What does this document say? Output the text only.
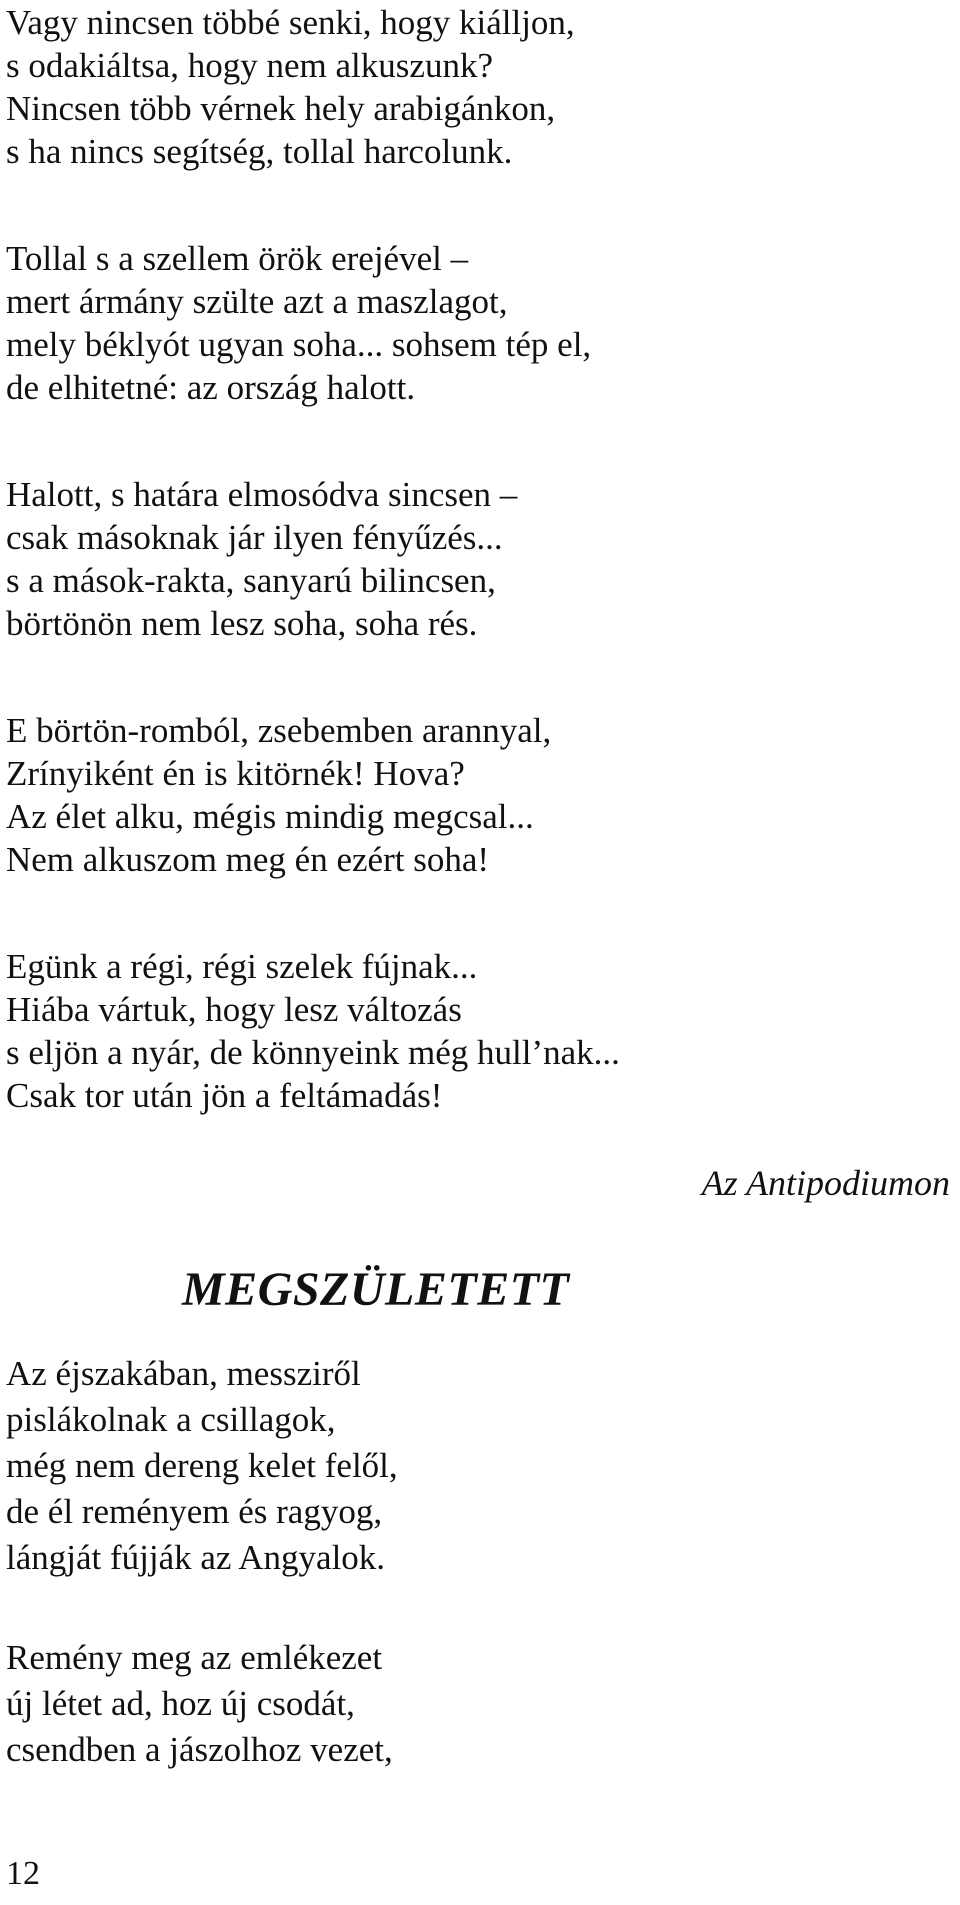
Vagy nincsen többé senki, hogy kiálljon,
s odakiáltsa, hogy nem alkuszunk?
Nincsen több vérnek hely arabigánkon,
s ha nincs segítség, tollal harcolunk.
Tollal s a szellem örök erejével –
mert ármány szülte azt a maszlagot,
mely béklyót ugyan soha... sohsem tép el,
de elhitetné: az ország halott.
Halott, s határa elmosódva sincsen –
csak másoknak jár ilyen fényűzés...
s a mások-rakta, sanyarú bilincsen,
börtönön nem lesz soha, soha rés.
E börtön-romból, zsebemben arannyal,
Zrínyiként én is kitörnék! Hova?
Az élet alku, mégis mindig megcsal...
Nem alkuszom meg én ezért soha!
Egünk a régi, régi szelek fújnak...
Hiába vártuk, hogy lesz változás
s eljön a nyár, de könnyeink még hull’nak...
Csak tor után jön a feltámadás!
Az Antipodiumon
MEGSZÜLETETT
Az éjszakában, messziről
pislákolnak a csillagok,
még nem dereng kelet felől,
de él reményem és ragyog,
lángját fújják az Angyalok.
Remény meg az emlékezet
új létet ad, hoz új csodát,
csendben a jászolhoz vezet,
12
